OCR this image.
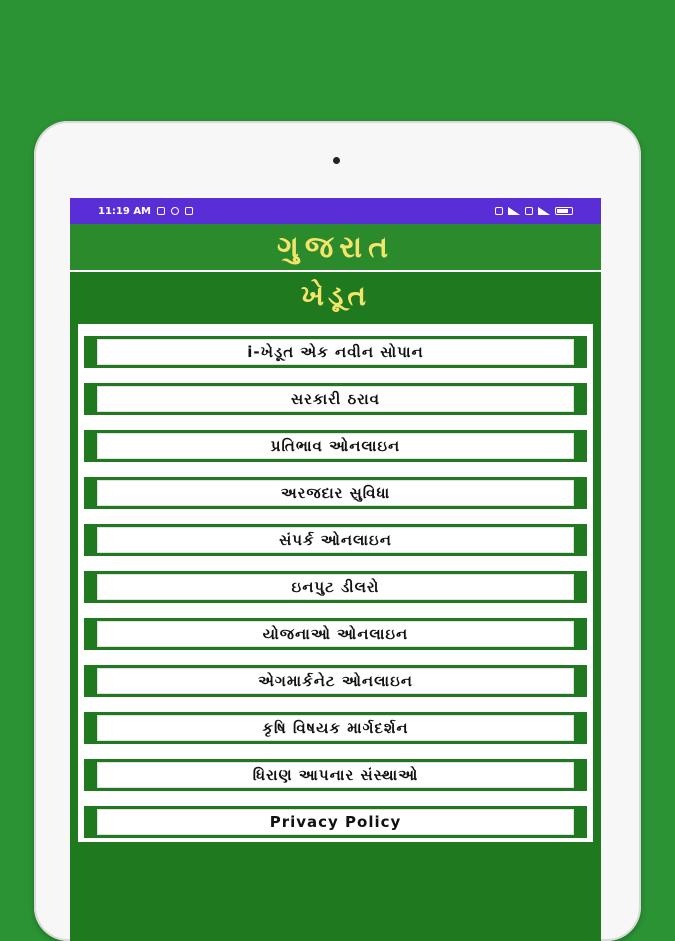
11:19 AM
ગુજરાત
ખેડૂત
i-ખેડૂત એક નવીન સોપાન
સરકારી ઠરાવ
પ્રતિભાવ ઓનલાઇન
અરજદાર સુવિધા
સંપર્ક ઓનલાઇન
ઇનપુટ ડીલરો
યોજનાઓ ઓનલાઇન
એગમાર્કનેટ ઓનલાઇન
કૃષિ વિષયક માર્ગદર્શન
ધિરાણ આપનાર સંસ્થાઓ
Privacy Policy
